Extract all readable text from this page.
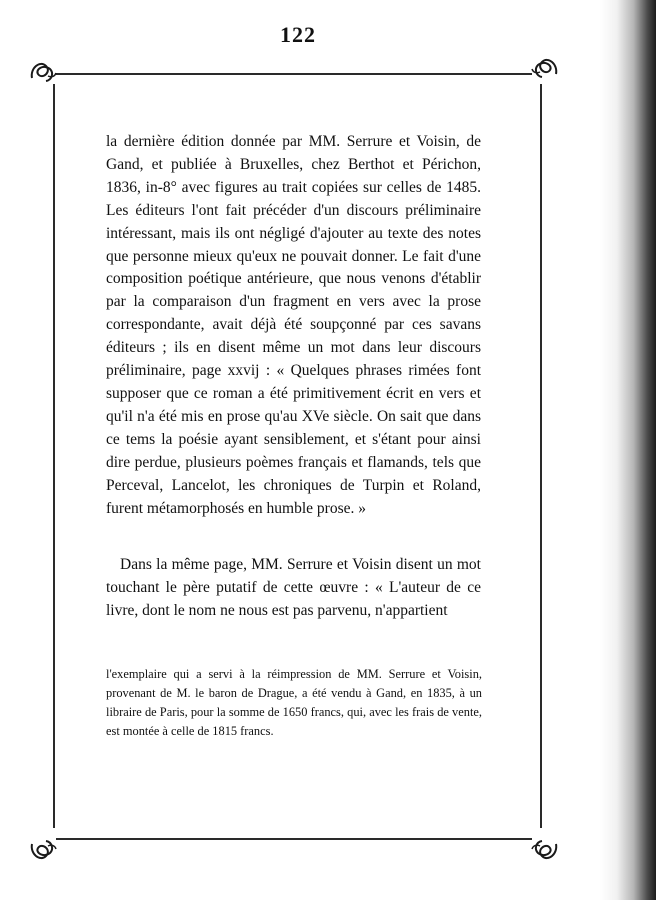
122

la dernière édition donnée par MM. Serrure et Voisin, de Gand, et publiée à Bruxelles, chez Berthot et Périchon, 1836, in-8° avec figures au trait copiées sur celles de 1485. Les éditeurs l'ont fait précéder d'un discours préliminaire intéressant, mais ils ont négligé d'ajouter au texte des notes que personne mieux qu'eux ne pouvait donner. Le fait d'une composition poétique antérieure, que nous venons d'établir par la comparaison d'un fragment en vers avec la prose correspondante, avait déjà été soupçonné par ces savans éditeurs ; ils en disent même un mot dans leur discours préliminaire, page xxvij : « Quelques phrases rimées font supposer que ce roman a été primitivement écrit en vers et qu'il n'a été mis en prose qu'au XVe siècle. On sait que dans ce tems la poésie ayant sensiblement, et s'étant pour ainsi dire perdue, plusieurs poèmes français et flamands, tels que Perceval, Lancelot, les chroniques de Turpin et Roland, furent métamorphosés en humble prose. »

Dans la même page, MM. Serrure et Voisin disent un mot touchant le père putatif de cette œuvre : « L'auteur de ce livre, dont le nom ne nous est pas parvenu, n'appartient

l'exemplaire qui a servi à la réimpression de MM. Serrure et Voisin, provenant de M. le baron de Drague, a été vendu à Gand, en 1835, à un libraire de Paris, pour la somme de 1650 francs, qui, avec les frais de vente, est montée à celle de 1815 francs.
